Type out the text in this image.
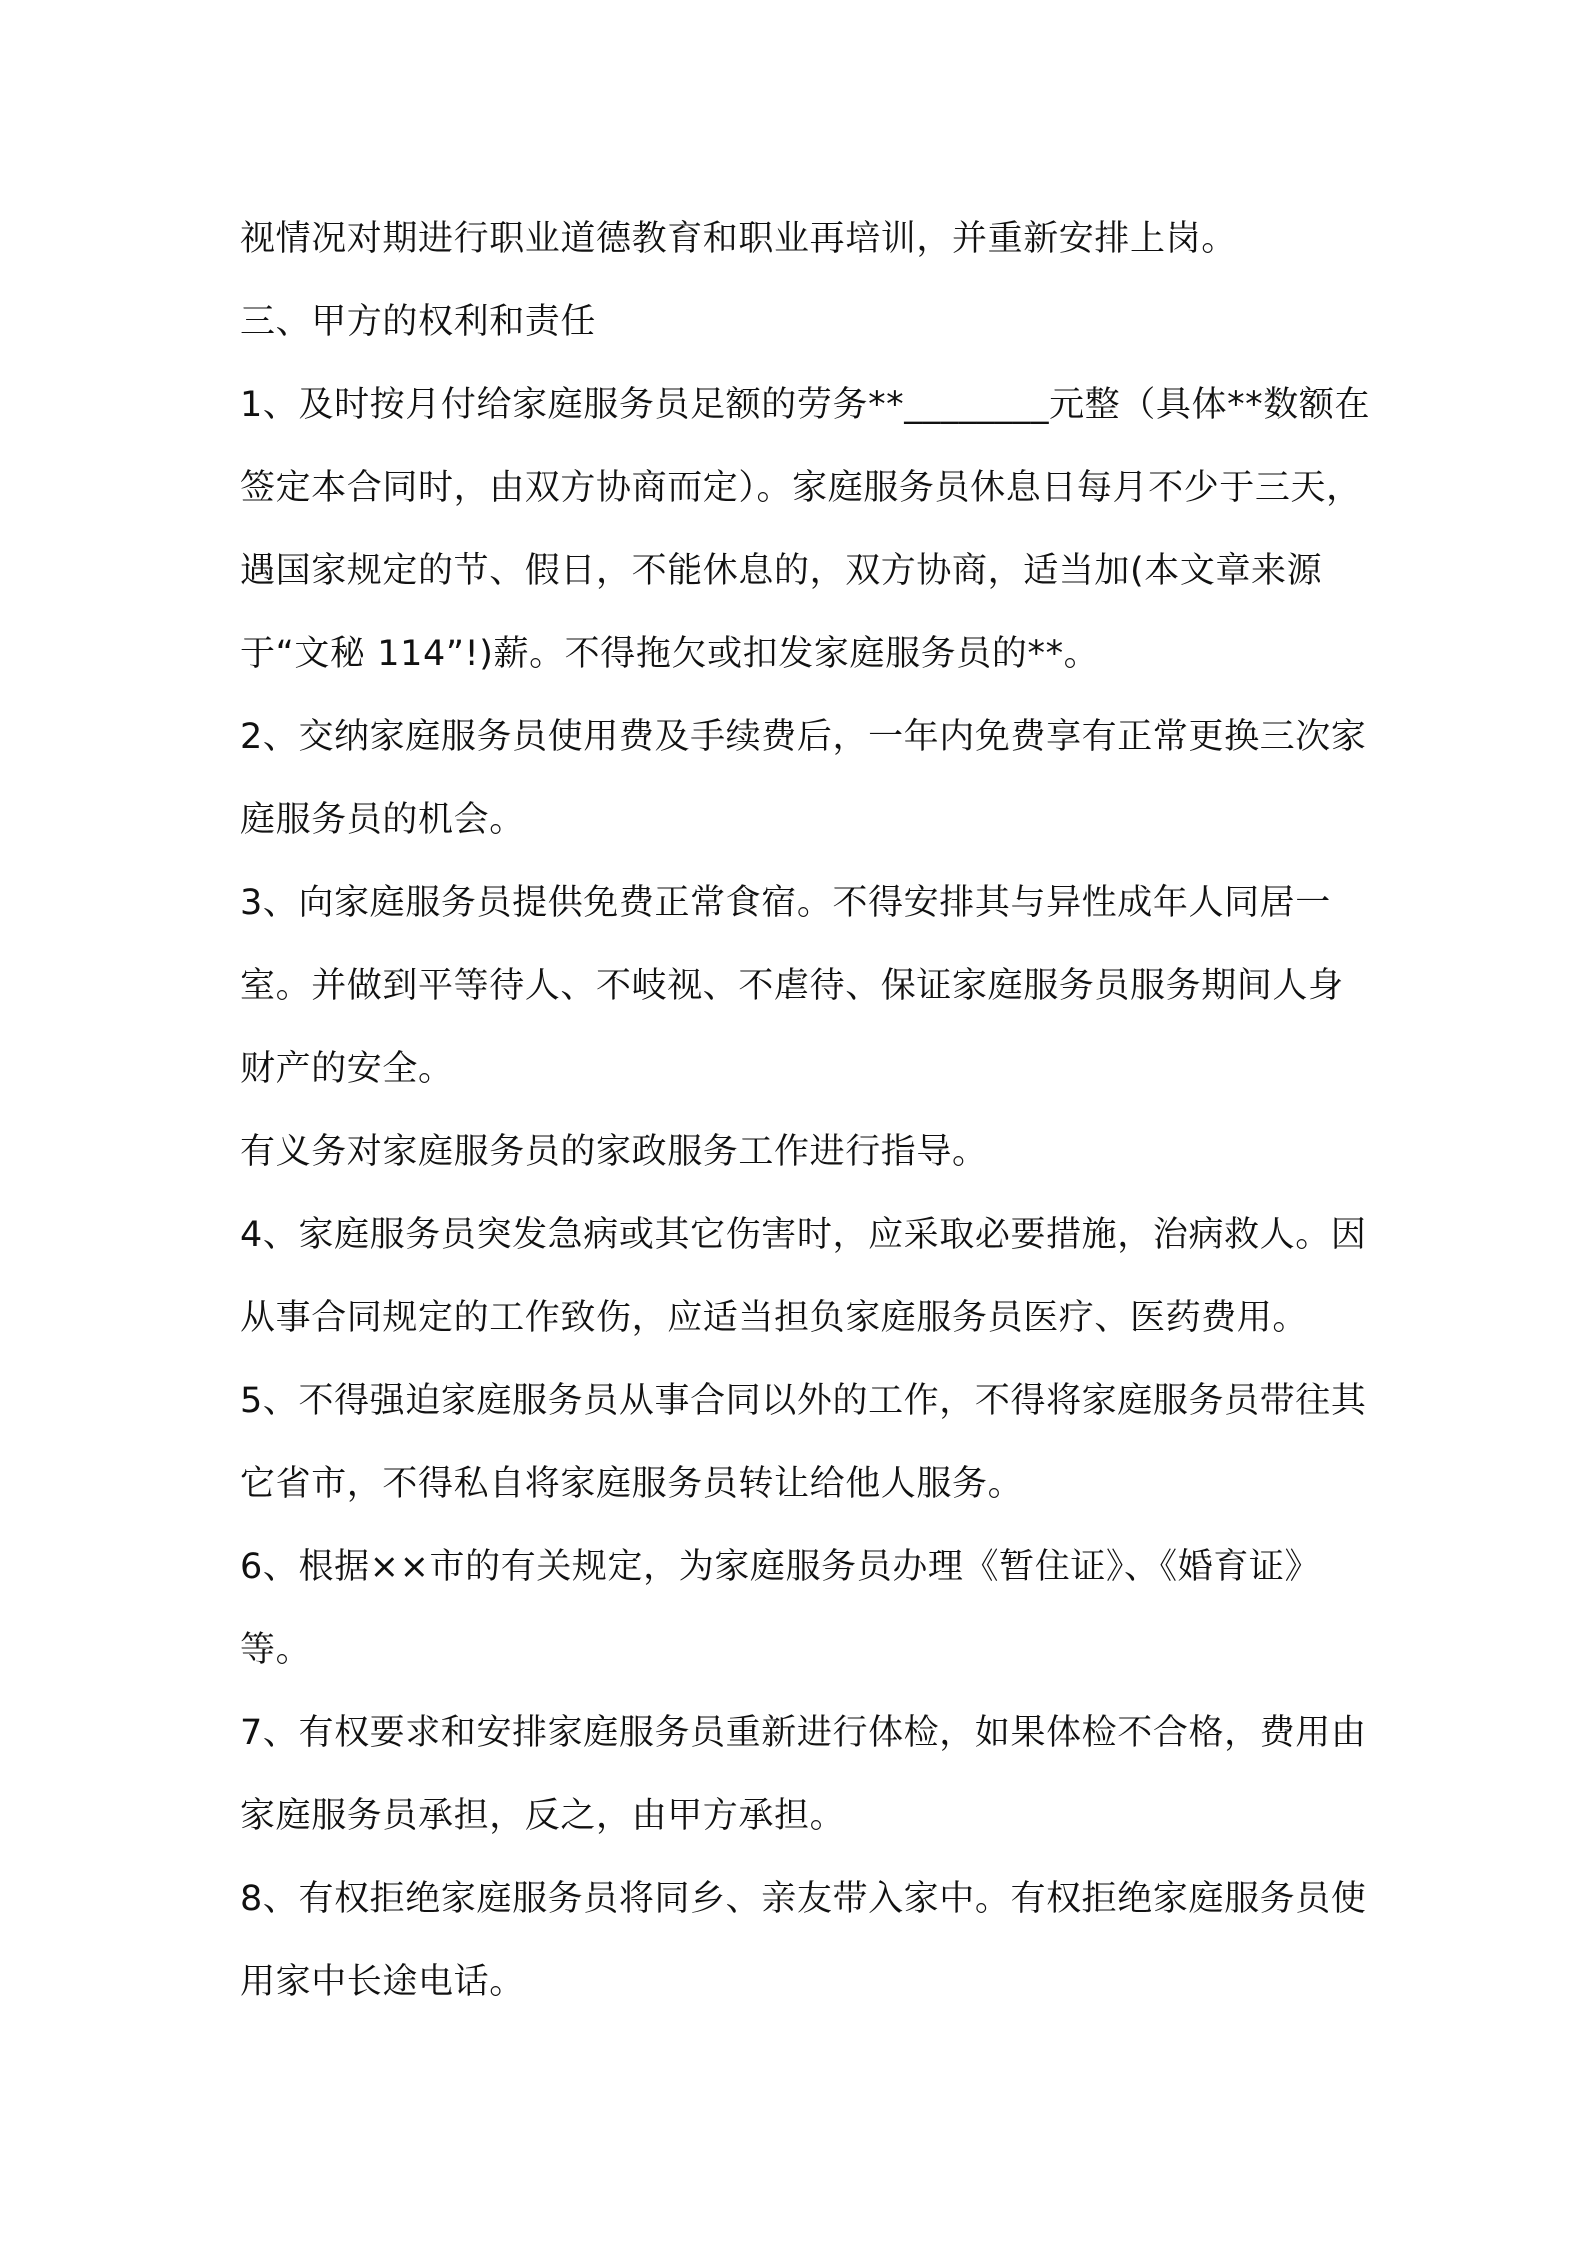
视情况对期进行职业道德教育和职业再培训，并重新安排上岗。

三、甲方的权利和责任

1、及时按月付给家庭服务员足额的劳务**________元整（具体**数额在签定本合同时，由双方协商而定）。家庭服务员休息日每月不少于三天，遇国家规定的节、假日，不能休息的，双方协商，适当加(本文章来源于“文秘 114”!)薪。不得拖欠或扣发家庭服务员的**。

2、交纳家庭服务员使用费及手续费后，一年内免费享有正常更换三次家庭服务员的机会。

3、向家庭服务员提供免费正常食宿。不得安排其与异性成年人同居一室。并做到平等待人、不岐视、不虐待、保证家庭服务员服务期间人身财产的安全。

有义务对家庭服务员的家政服务工作进行指导。

4、家庭服务员突发急病或其它伤害时，应采取必要措施，治病救人。因从事合同规定的工作致伤，应适当担负家庭服务员医疗、医药费用。

5、不得强迫家庭服务员从事合同以外的工作，不得将家庭服务员带往其它省市，不得私自将家庭服务员转让给他人服务。

6、根据××市的有关规定，为家庭服务员办理《暂住证》、《婚育证》等。

7、有权要求和安排家庭服务员重新进行体检，如果体检不合格，费用由家庭服务员承担，反之，由甲方承担。

8、有权拒绝家庭服务员将同乡、亲友带入家中。有权拒绝家庭服务员使用家中长途电话。
